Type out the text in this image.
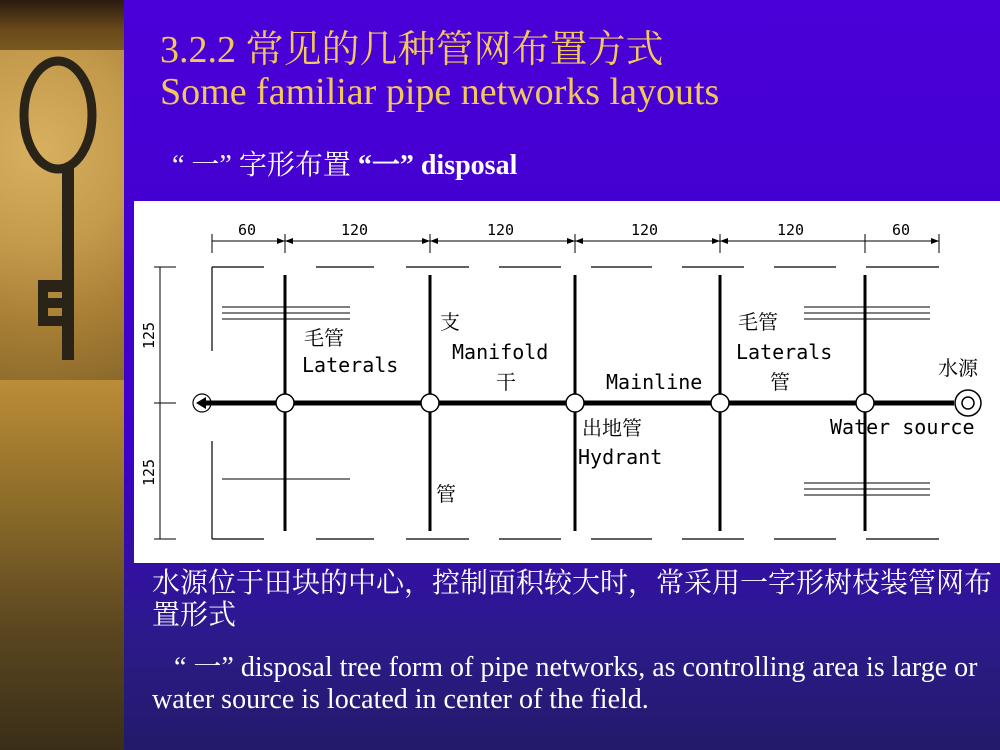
3.2.2 常见的几种管网布置方式
Some familiar pipe networks layouts
“ 一” 字形布置 “一” disposal
60	120	120	120	120	60
125
125
毛管
Laterals
支
Manifold
干	Mainline
毛管
Laterals
管
水源
出地管
Hydrant
Water source
管

水源位于田块的中心，控制面积较大时，常采用一字形树枝装管网布置形式

“ 一” disposal tree form of pipe networks, as controlling area is large or water source is located in center of the field.
